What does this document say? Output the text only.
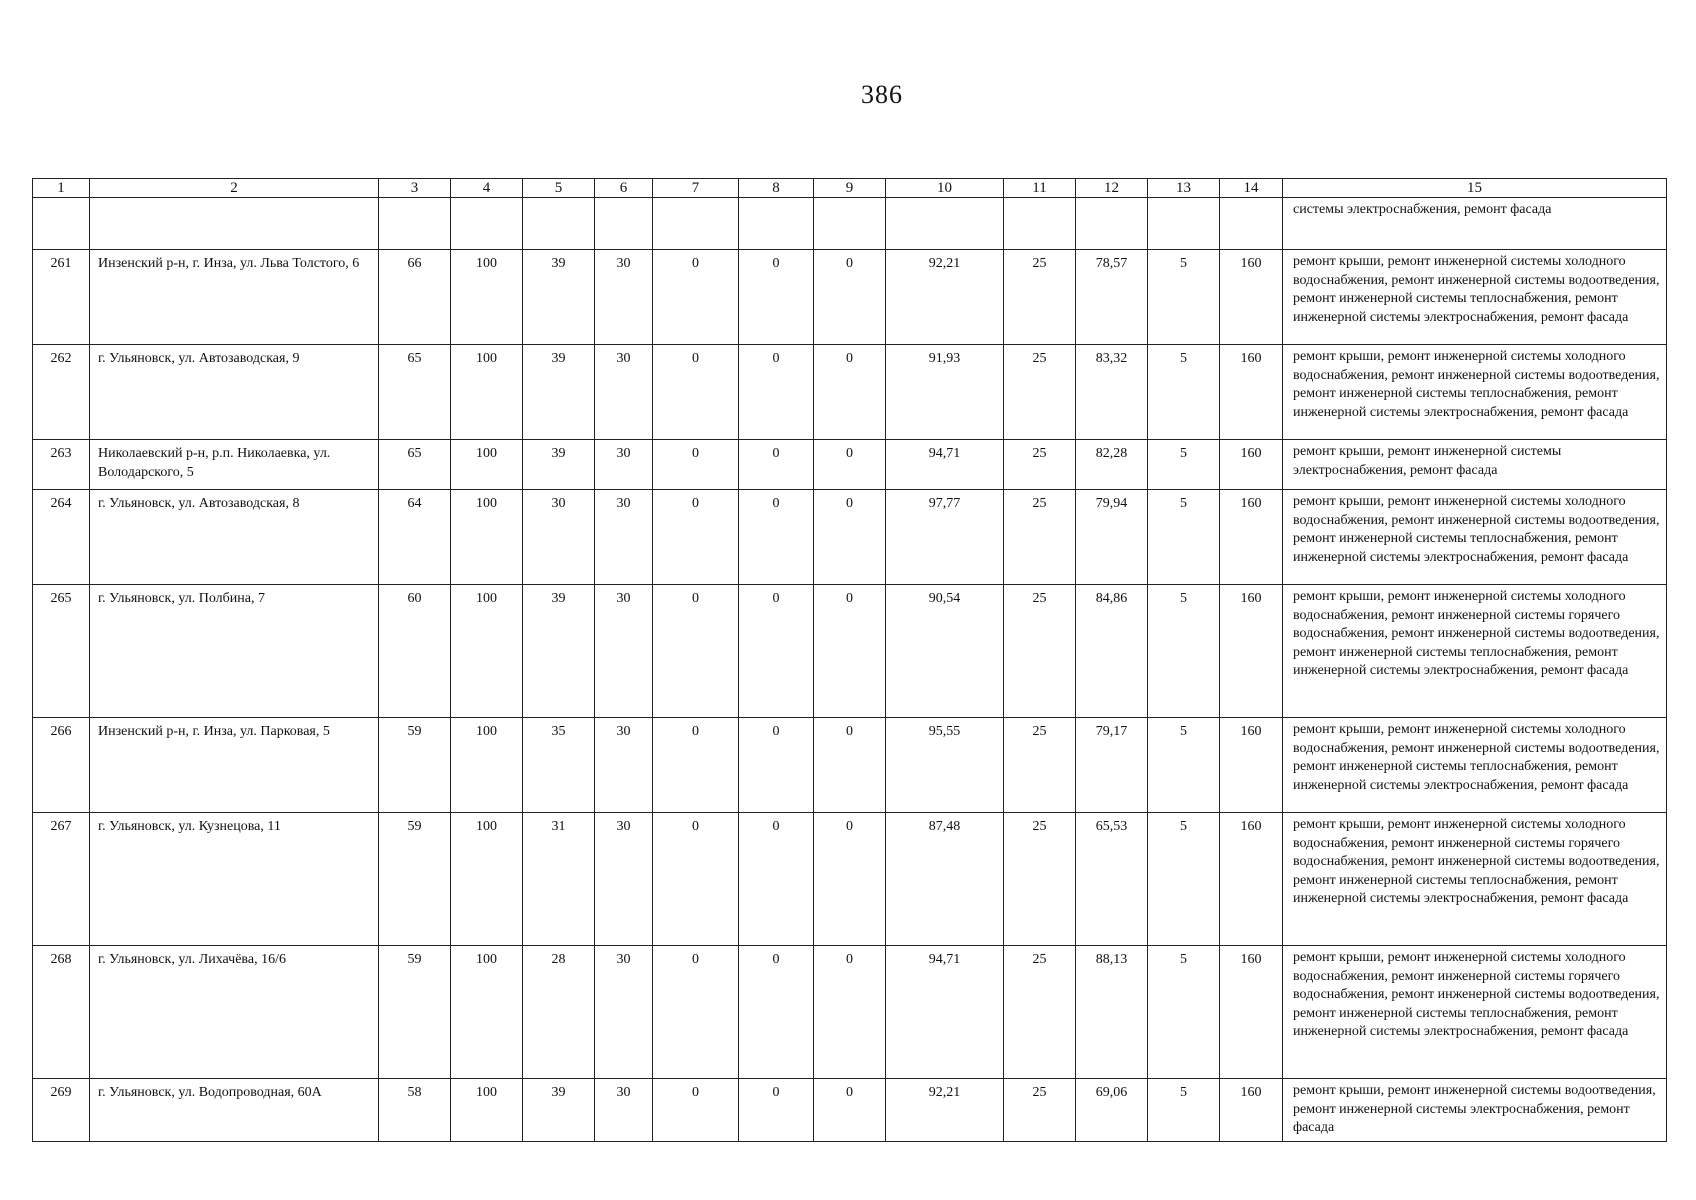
386
1	2	3	4	5	6	7	8	9	10	11	12	13	14	15
														системы электроснабжения, ремонт фасада
261	Инзенский р-н, г. Инза, ул. Льва Толстого, 6	66	100	39	30	0	0	0	92,21	25	78,57	5	160	ремонт крыши, ремонт инженерной системы холодного водоснабжения, ремонт инженерной системы водоотведения, ремонт инженерной системы теплоснабжения, ремонт инженерной системы электроснабжения, ремонт фасада
262	г. Ульяновск, ул. Автозаводская, 9	65	100	39	30	0	0	0	91,93	25	83,32	5	160	ремонт крыши, ремонт инженерной системы холодного водоснабжения, ремонт инженерной системы водоотведения, ремонт инженерной системы теплоснабжения, ремонт инженерной системы электроснабжения, ремонт фасада
263	Николаевский р-н, р.п. Николаевка, ул. Володарского, 5	65	100	39	30	0	0	0	94,71	25	82,28	5	160	ремонт крыши, ремонт инженерной системы электроснабжения, ремонт фасада
264	г. Ульяновск, ул. Автозаводская, 8	64	100	30	30	0	0	0	97,77	25	79,94	5	160	ремонт крыши, ремонт инженерной системы холодного водоснабжения, ремонт инженерной системы водоотведения, ремонт инженерной системы теплоснабжения, ремонт инженерной системы электроснабжения, ремонт фасада
265	г. Ульяновск, ул. Полбина, 7	60	100	39	30	0	0	0	90,54	25	84,86	5	160	ремонт крыши, ремонт инженерной системы холодного водоснабжения, ремонт инженерной системы горячего водоснабжения, ремонт инженерной системы водоотведения, ремонт инженерной системы теплоснабжения, ремонт инженерной системы электроснабжения, ремонт фасада
266	Инзенский р-н, г. Инза, ул. Парковая, 5	59	100	35	30	0	0	0	95,55	25	79,17	5	160	ремонт крыши, ремонт инженерной системы холодного водоснабжения, ремонт инженерной системы водоотведения, ремонт инженерной системы теплоснабжения, ремонт инженерной системы электроснабжения, ремонт фасада
267	г. Ульяновск, ул. Кузнецова, 11	59	100	31	30	0	0	0	87,48	25	65,53	5	160	ремонт крыши, ремонт инженерной системы холодного водоснабжения, ремонт инженерной системы горячего водоснабжения, ремонт инженерной системы водоотведения, ремонт инженерной системы теплоснабжения, ремонт инженерной системы электроснабжения, ремонт фасада
268	г. Ульяновск, ул. Лихачёва, 16/6	59	100	28	30	0	0	0	94,71	25	88,13	5	160	ремонт крыши, ремонт инженерной системы холодного водоснабжения, ремонт инженерной системы горячего водоснабжения, ремонт инженерной системы водоотведения, ремонт инженерной системы теплоснабжения, ремонт инженерной системы электроснабжения, ремонт фасада
269	г. Ульяновск, ул. Водопроводная, 60А	58	100	39	30	0	0	0	92,21	25	69,06	5	160	ремонт крыши, ремонт инженерной системы водоотведения, ремонт инженерной системы электроснабжения, ремонт фасада
